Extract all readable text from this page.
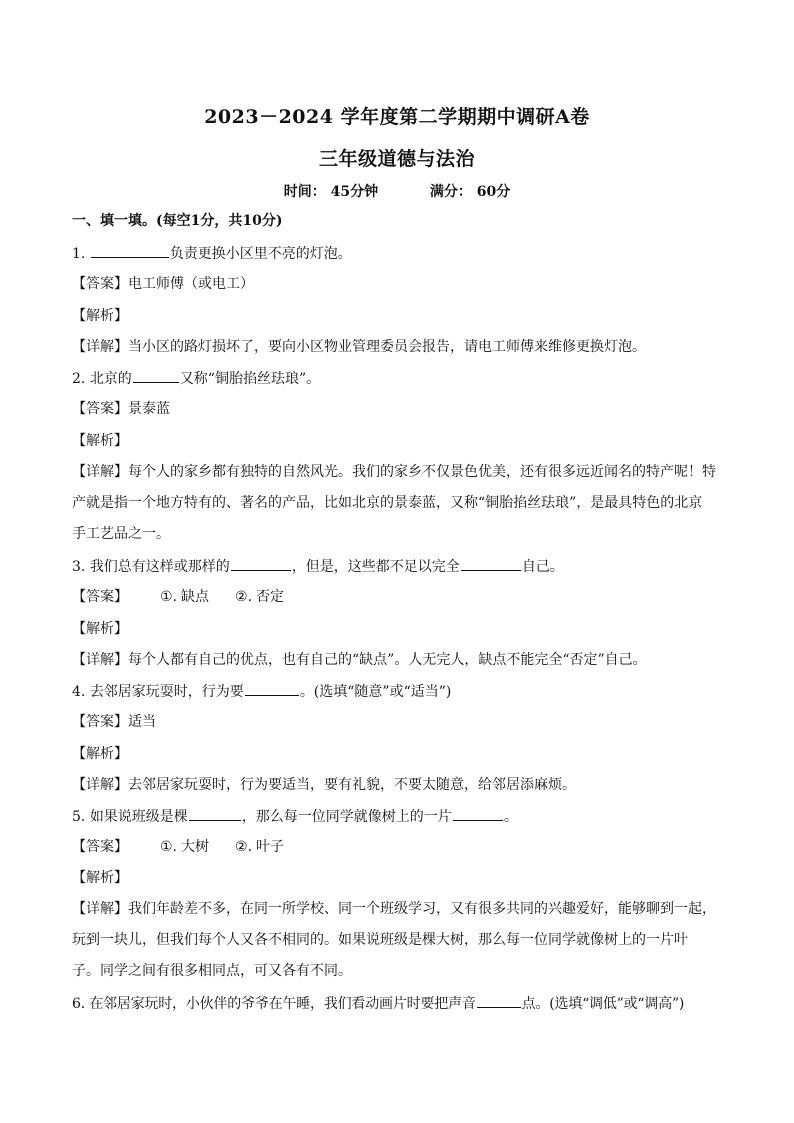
2023－2024 学年度第二学期期中调研A卷
三年级道德与法治
时间： 45分钟	满分： 60分
一、填一填。(每空1分，共10分)
1.	负责更换小区里不亮的灯泡。
【答案】电工师傅（或电工）
【解析】
【详解】当小区的路灯损坏了，要向小区物业管理委员会报告，请电工师傅来维修更换灯泡。
2. 北京的	又称“铜胎掐丝珐琅”。
【答案】景泰蓝
【解析】
【详解】每个人的家乡都有独特的自然风光。我们的家乡不仅景色优美，还有很多远近闻名的特产呢！特
产就是指一个地方特有的、著名的产品，比如北京的景泰蓝，又称“铜胎掐丝珐琅”，是最具特色的北京
手工艺品之一。
3. 我们总有这样或那样的	，但是，这些都不足以完全	自己。
【答案】 ①. 缺点 ②. 否定
【解析】
【详解】每个人都有自己的优点，也有自己的“缺点”。人无完人，缺点不能完全“否定”自己。
4. 去邻居家玩耍时，行为要	。(选填“随意”或“适当”)
【答案】适当
【解析】
【详解】去邻居家玩耍时，行为要适当，要有礼貌，不要太随意，给邻居添麻烦。
5. 如果说班级是棵	，那么每一位同学就像树上的一片	。
【答案】 ①. 大树 ②. 叶子
【解析】
【详解】我们年龄差不多，在同一所学校、同一个班级学习，又有很多共同的兴趣爱好，能够聊到一起，
玩到一块儿，但我们每个人又各不相同的。如果说班级是棵大树，那么每一位同学就像树上的一片叶
子。同学之间有很多相同点，可又各有不同。
6. 在邻居家玩时，小伙伴的爷爷在午睡，我们看动画片时要把声音	点。(选填“调低”或“调高”)
